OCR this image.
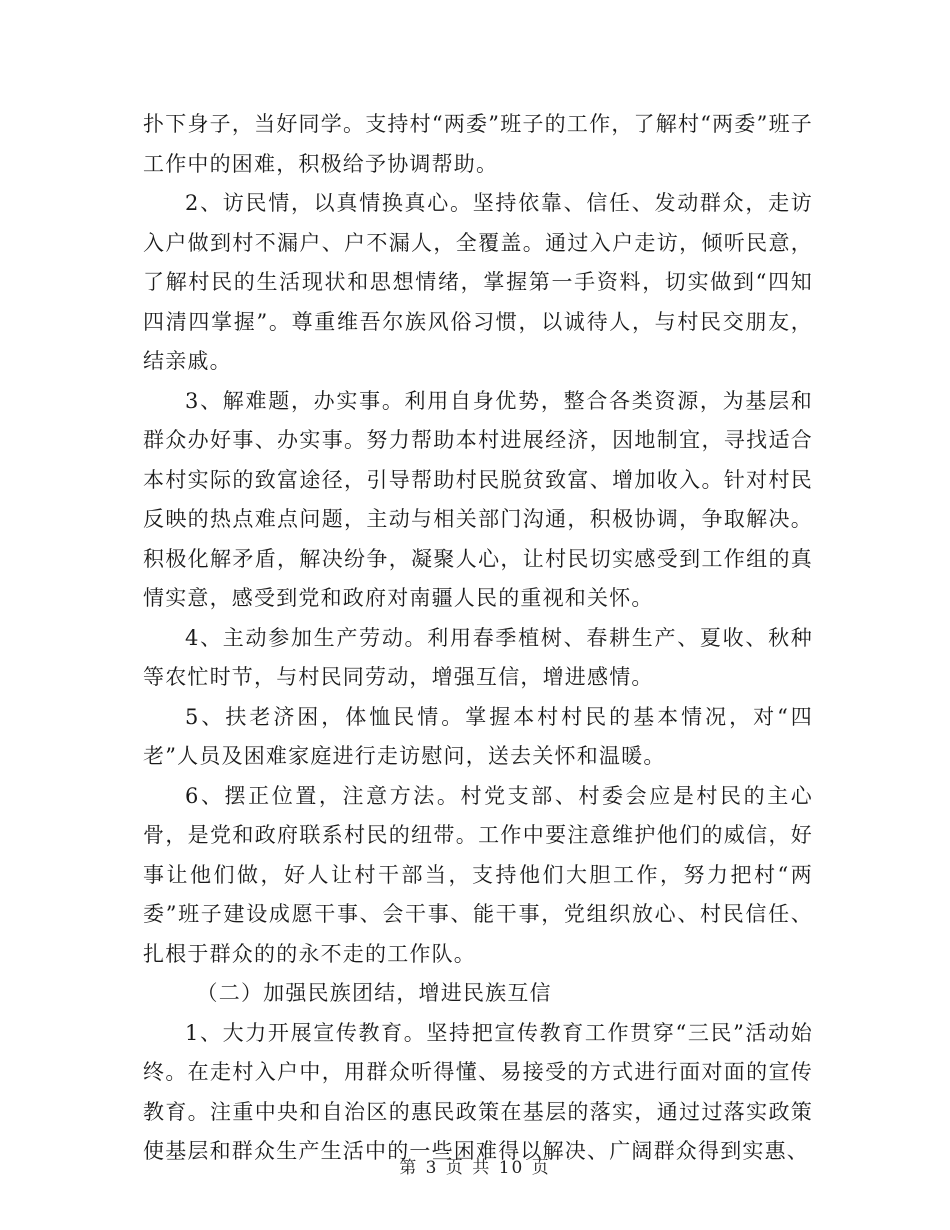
扑下身子，当好同学。支持村“两委”班子的工作，了解村“两委”班子工作中的困难，积极给予协调帮助。

2、访民情，以真情换真心。坚持依靠、信任、发动群众，走访入户做到村不漏户、户不漏人，全覆盖。通过入户走访，倾听民意，了解村民的生活现状和思想情绪，掌握第一手资料，切实做到“四知四清四掌握”。尊重维吾尔族风俗习惯，以诚待人，与村民交朋友，结亲戚。

3、解难题，办实事。利用自身优势，整合各类资源，为基层和群众办好事、办实事。努力帮助本村进展经济，因地制宜，寻找适合本村实际的致富途径，引导帮助村民脱贫致富、增加收入。针对村民反映的热点难点问题，主动与相关部门沟通，积极协调，争取解决。积极化解矛盾，解决纷争，凝聚人心，让村民切实感受到工作组的真情实意，感受到党和政府对南疆人民的重视和关怀。

4、主动参加生产劳动。利用春季植树、春耕生产、夏收、秋种等农忙时节，与村民同劳动，增强互信，增进感情。

5、扶老济困，体恤民情。掌握本村村民的基本情况，对“四老”人员及困难家庭进行走访慰问，送去关怀和温暖。

6、摆正位置，注意方法。村党支部、村委会应是村民的主心骨，是党和政府联系村民的纽带。工作中要注意维护他们的威信，好事让他们做，好人让村干部当，支持他们大胆工作，努力把村“两委”班子建设成愿干事、会干事、能干事，党组织放心、村民信任、扎根于群众的的永不走的工作队。

（二）加强民族团结，增进民族互信

1、大力开展宣传教育。坚持把宣传教育工作贯穿“三民”活动始终。在走村入户中，用群众听得懂、易接受的方式进行面对面的宣传教育。注重中央和自治区的惠民政策在基层的落实，通过过落实政策使基层和群众生产生活中的一些困难得以解决、广阔群众得到实惠、

第 3 页 共 10 页
